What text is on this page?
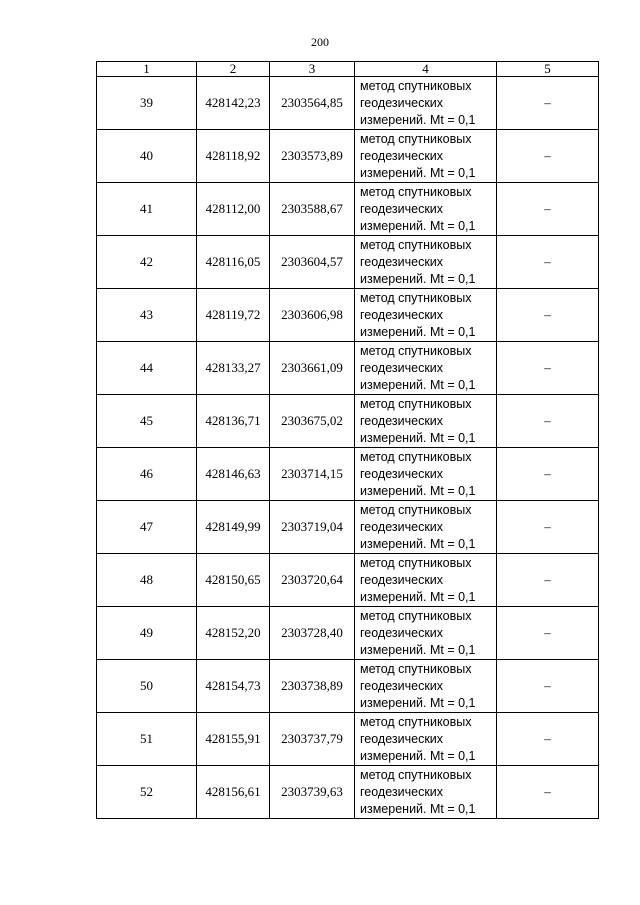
200
1	2	3	4	5
39	428142,23	2303564,85	метод спутниковых
геодезических
измерений. Mt = 0,1	–
40	428118,92	2303573,89	метод спутниковых
геодезических
измерений. Mt = 0,1	–
41	428112,00	2303588,67	метод спутниковых
геодезических
измерений. Mt = 0,1	–
42	428116,05	2303604,57	метод спутниковых
геодезических
измерений. Mt = 0,1	–
43	428119,72	2303606,98	метод спутниковых
геодезических
измерений. Mt = 0,1	–
44	428133,27	2303661,09	метод спутниковых
геодезических
измерений. Mt = 0,1	–
45	428136,71	2303675,02	метод спутниковых
геодезических
измерений. Mt = 0,1	–
46	428146,63	2303714,15	метод спутниковых
геодезических
измерений. Mt = 0,1	–
47	428149,99	2303719,04	метод спутниковых
геодезических
измерений. Mt = 0,1	–
48	428150,65	2303720,64	метод спутниковых
геодезических
измерений. Mt = 0,1	–
49	428152,20	2303728,40	метод спутниковых
геодезических
измерений. Mt = 0,1	–
50	428154,73	2303738,89	метод спутниковых
геодезических
измерений. Mt = 0,1	–
51	428155,91	2303737,79	метод спутниковых
геодезических
измерений. Mt = 0,1	–
52	428156,61	2303739,63	метод спутниковых
геодезических
измерений. Mt = 0,1	–
